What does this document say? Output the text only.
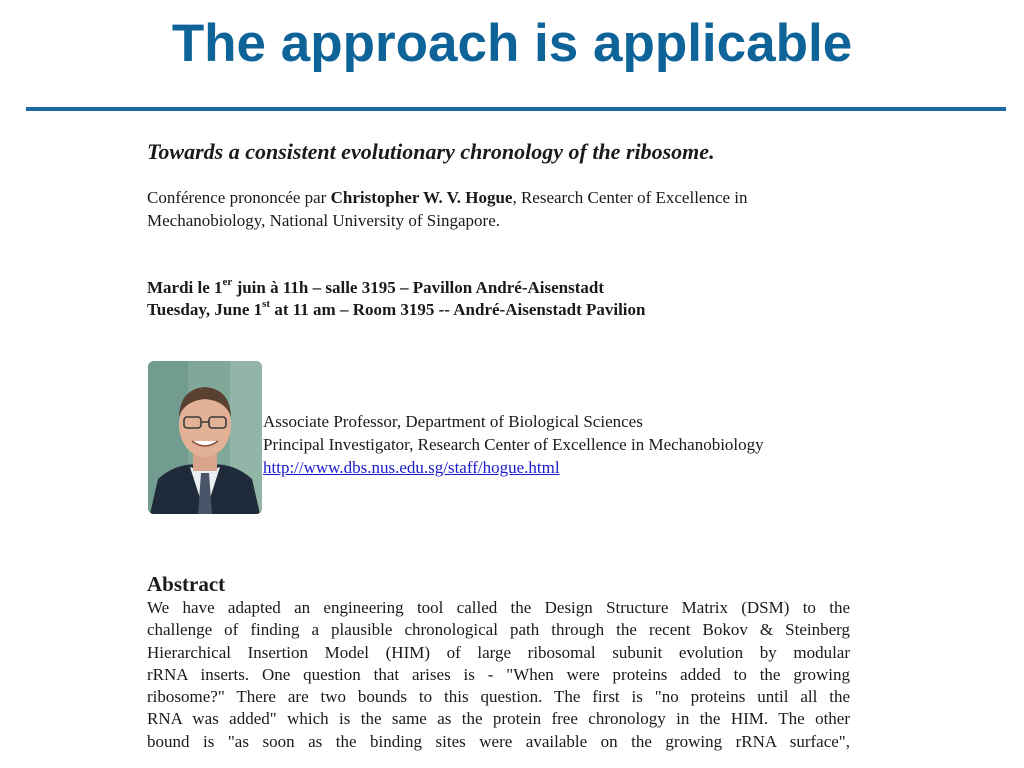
The approach is applicable
Towards a consistent evolutionary chronology of the ribosome.
Conférence prononcée par Christopher W. V. Hogue, Research Center of Excellence in
Mechanobiology, National University of Singapore.
Mardi le 1er juin à 11h – salle 3195 – Pavillon André-Aisenstadt
Tuesday, June 1st at 11 am – Room 3195 -- André-Aisenstadt Pavilion
Abstract
We have adapted an engineering tool called the Design Structure Matrix (DSM) to the
challenge of finding a plausible chronological path through the recent Bokov & Steinberg
Hierarchical Insertion Model (HIM) of large ribosomal subunit evolution by modular
rRNA inserts. One question that arises is - "When were proteins added to the growing
ribosome?" There are two bounds to this question. The first is "no proteins until all the
RNA was added" which is the same as the protein free chronology in the HIM. The other
bound is "as soon as the binding sites were available on the growing rRNA surface",
Associate Professor, Department of Biological Sciences
Principal Investigator, Research Center of Excellence in Mechanobiology
http://www.dbs.nus.edu.sg/staff/hogue.html
